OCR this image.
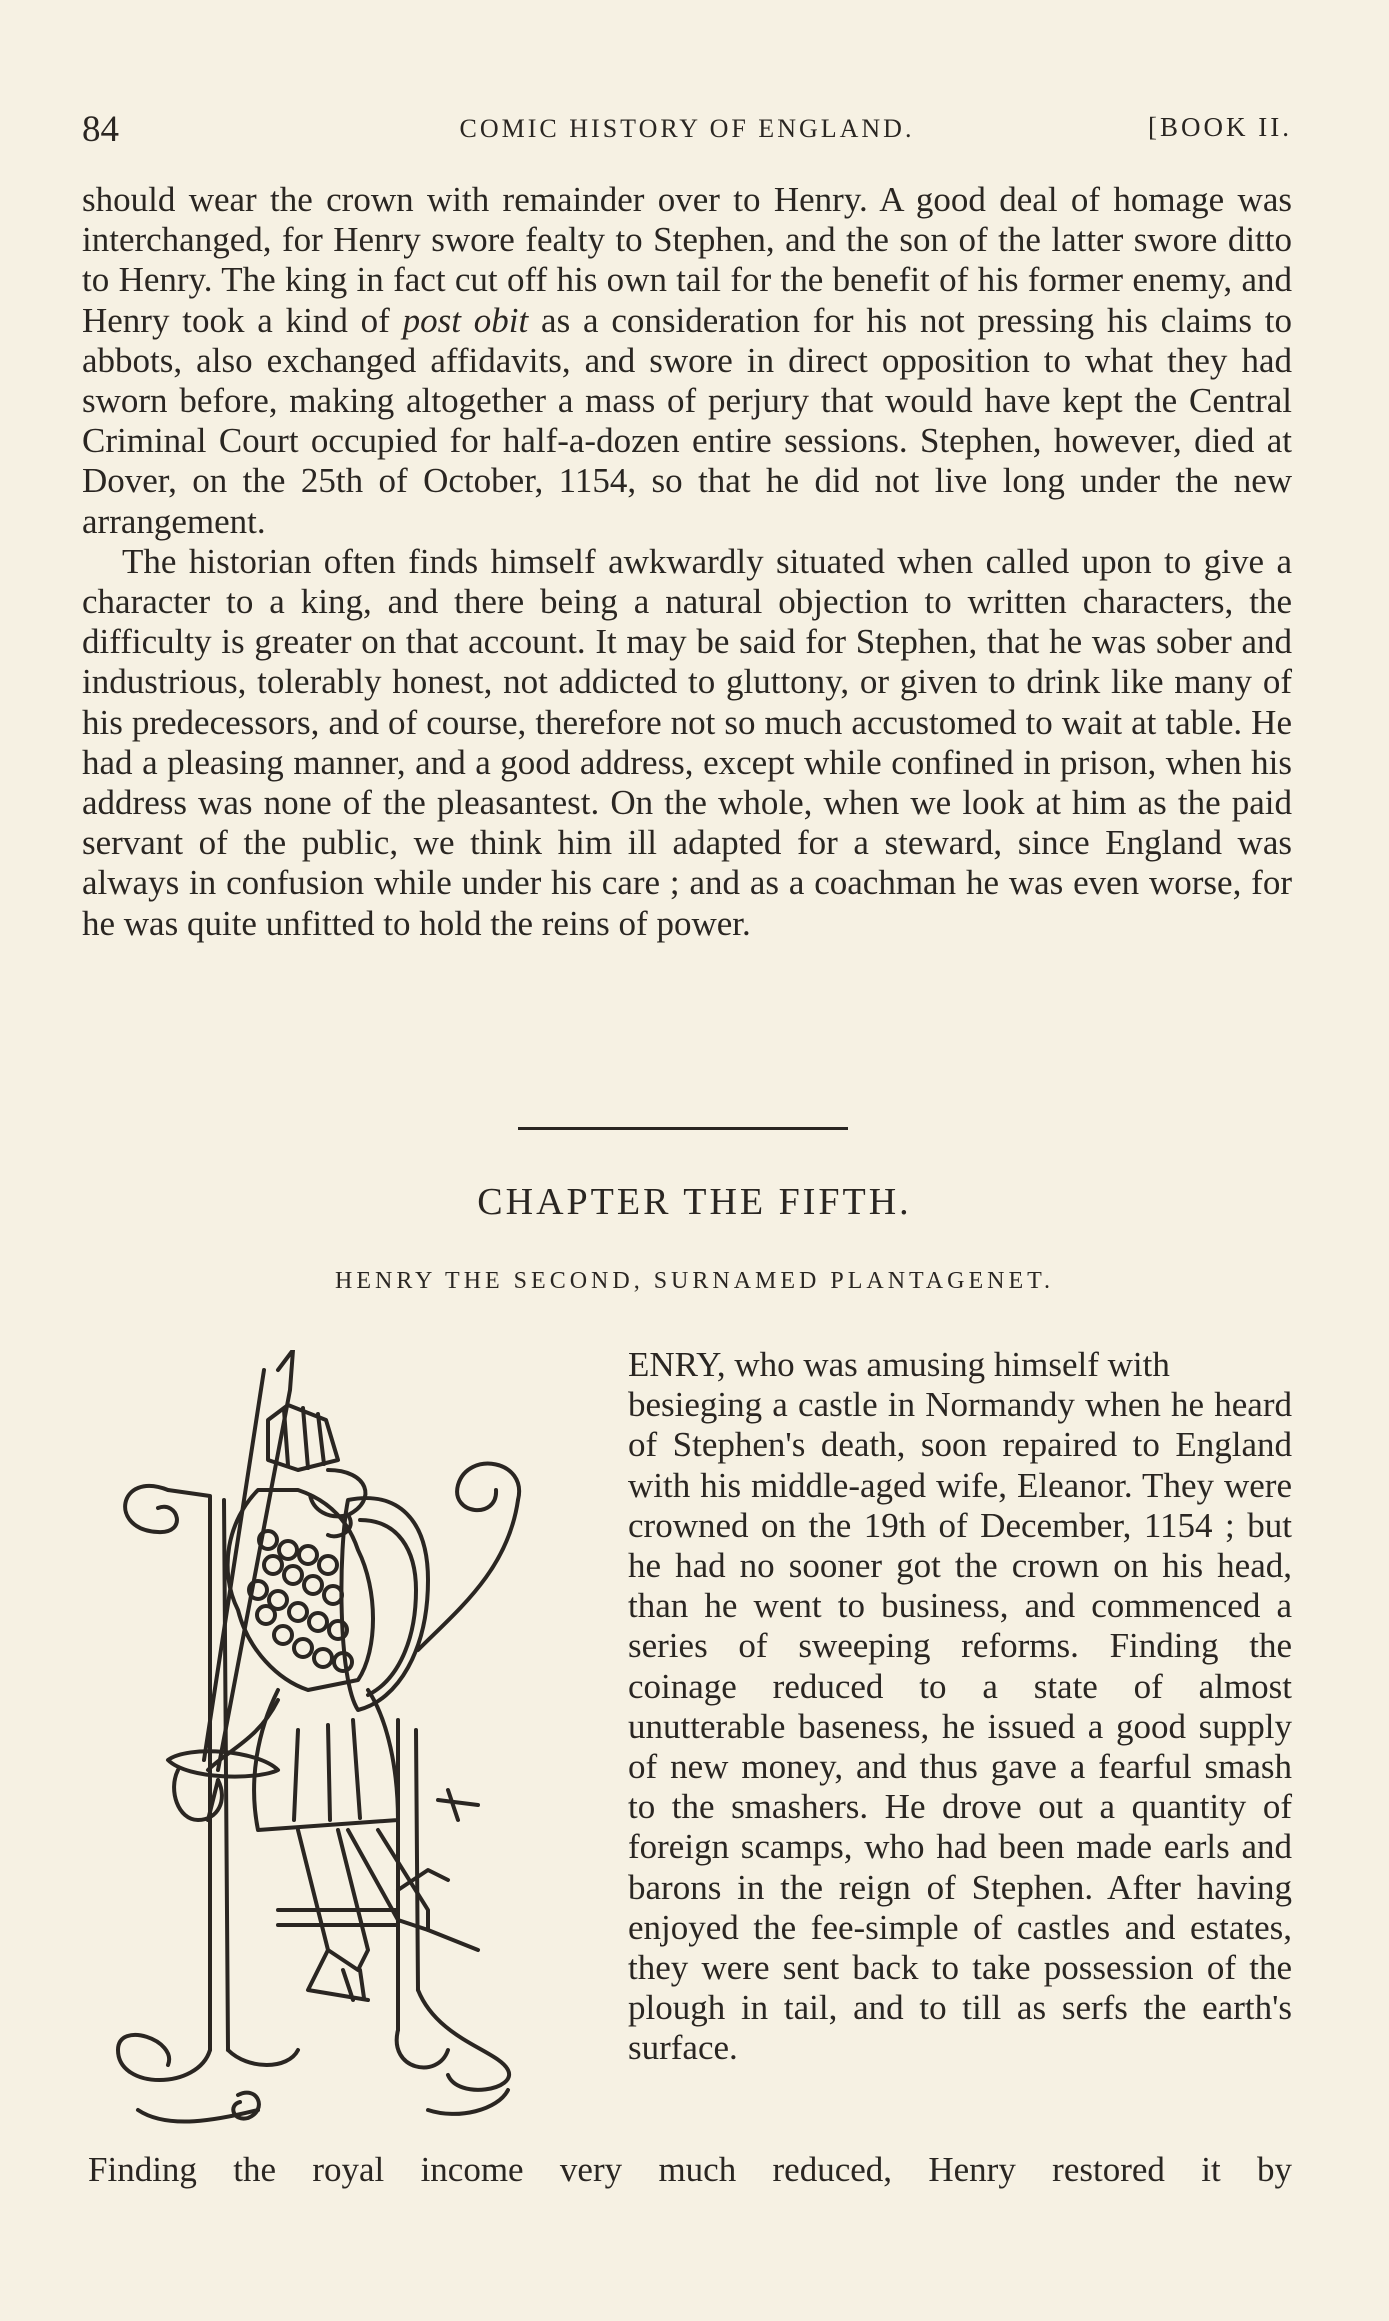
84	COMIC HISTORY OF ENGLAND.	[BOOK II.

should wear the crown with remainder over to Henry. A good deal of homage was interchanged, for Henry swore fealty to Stephen, and the son of the latter swore ditto to Henry. The king in fact cut off his own tail for the benefit of his former enemy, and Henry took a kind of post obit as a consideration for his not pressing his claims to abbots, also exchanged affidavits, and swore in direct opposition to what they had sworn before, making altogether a mass of perjury that would have kept the Central Criminal Court occupied for half-a-dozen entire sessions. Stephen, however, died at Dover, on the 25th of October, 1154, so that he did not live long under the new arrangement.

The historian often finds himself awkwardly situated when called upon to give a character to a king, and there being a natural objection to written characters, the difficulty is greater on that account. It may be said for Stephen, that he was sober and industrious, tolerably honest, not addicted to gluttony, or given to drink like many of his predecessors, and of course, therefore not so much accustomed to wait at table. He had a pleasing manner, and a good address, except while confined in prison, when his address was none of the pleasantest. On the whole, when we look at him as the paid servant of the public, we think him ill adapted for a steward, since England was always in confusion while under his care ; and as a coachman he was even worse, for he was quite unfitted to hold the reins of power.

CHAPTER THE FIFTH.
HENRY THE SECOND, SURNAMED PLANTAGENET.

ENRY, who was amusing himself with

besieging a castle in Normandy when he heard of Stephen's death, soon repaired to England with his middle-aged wife, Eleanor. They were crowned on the 19th of December, 1154 ; but he had no sooner got the crown on his head, than he went to business, and commenced a series of sweeping reforms. Finding the coinage reduced to a state of almost unutterable baseness, he issued a good supply of new money, and thus gave a fearful smash to the smashers. He drove out a quantity of foreign scamps, who had been made earls and barons in the reign of Stephen. After having enjoyed the fee-simple of castles and estates, they were sent back to take possession of the plough in tail, and to till as serfs the earth's surface.

Finding the royal income very much reduced, Henry restored it by
